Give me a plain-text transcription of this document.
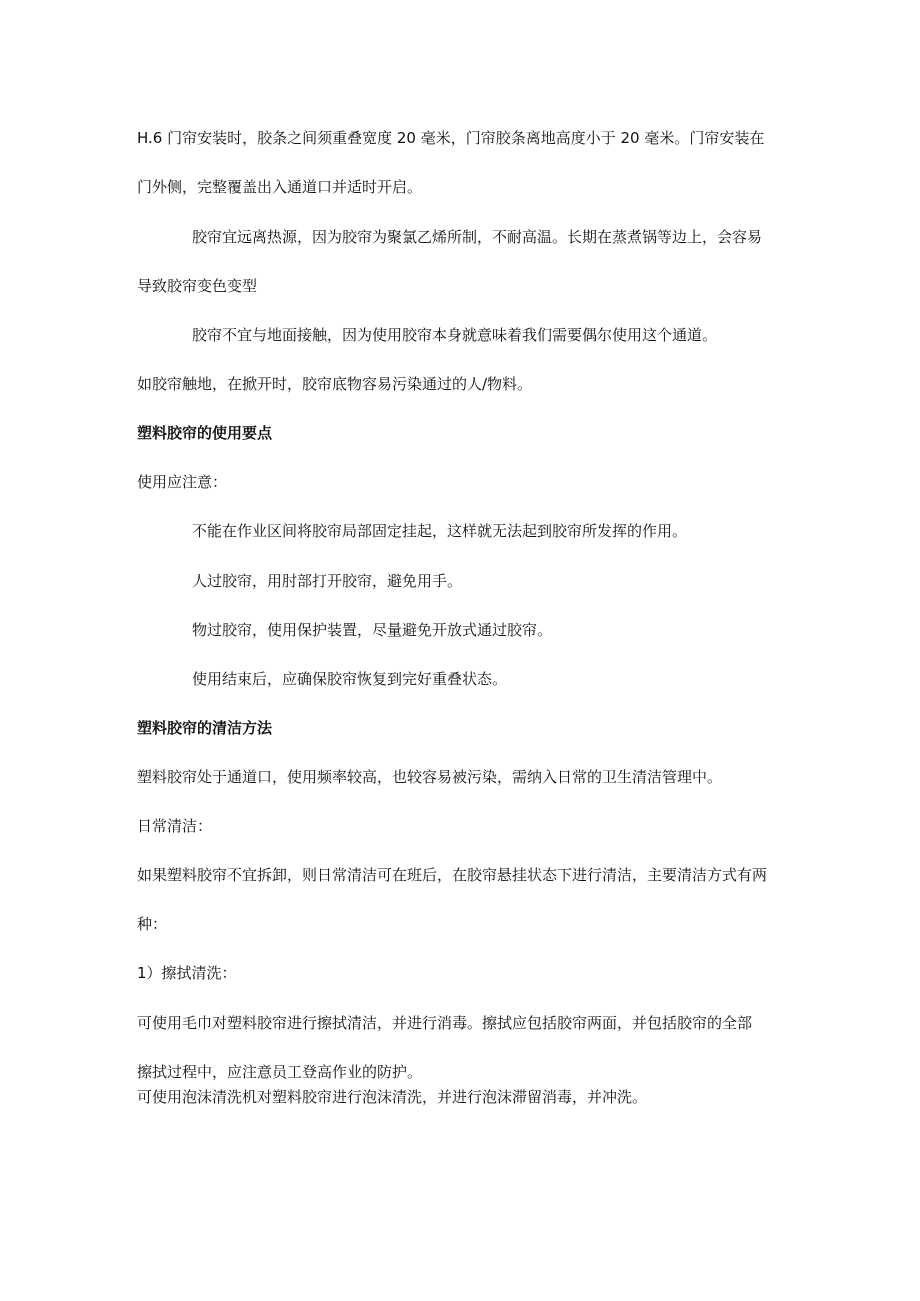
H.6 门帘安装时，胶条之间须重叠宽度 20 毫米，门帘胶条离地高度小于 20 毫米。门帘安装在

门外侧，完整覆盖出入通道口并适时开启。

胶帘宜远离热源，因为胶帘为聚氯乙烯所制，不耐高温。长期在蒸煮锅等边上，会容易

导致胶帘变色变型

胶帘不宜与地面接触，因为使用胶帘本身就意味着我们需要偶尔使用这个通道。

如胶帘触地，在掀开时，胶帘底物容易污染通过的人/物料。

塑料胶帘的使用要点

使用应注意：

不能在作业区间将胶帘局部固定挂起，这样就无法起到胶帘所发挥的作用。

人过胶帘，用肘部打开胶帘，避免用手。

物过胶帘，使用保护装置，尽量避免开放式通过胶帘。

使用结束后，应确保胶帘恢复到完好重叠状态。

塑料胶帘的清洁方法

塑料胶帘处于通道口，使用频率较高，也较容易被污染，需纳入日常的卫生清洁管理中。

日常清洁：

如果塑料胶帘不宜拆卸，则日常清洁可在班后，在胶帘悬挂状态下进行清洁，主要清洁方式有两

种：

1）擦拭清洗：

可使用毛巾对塑料胶帘进行擦拭清洁，并进行消毒。擦拭应包括胶帘两面，并包括胶帘的全部

擦拭过程中，应注意员工登高作业的防护。

可使用泡沫清洗机对塑料胶帘进行泡沫清洗，并进行泡沫滞留消毒，并冲洗。
